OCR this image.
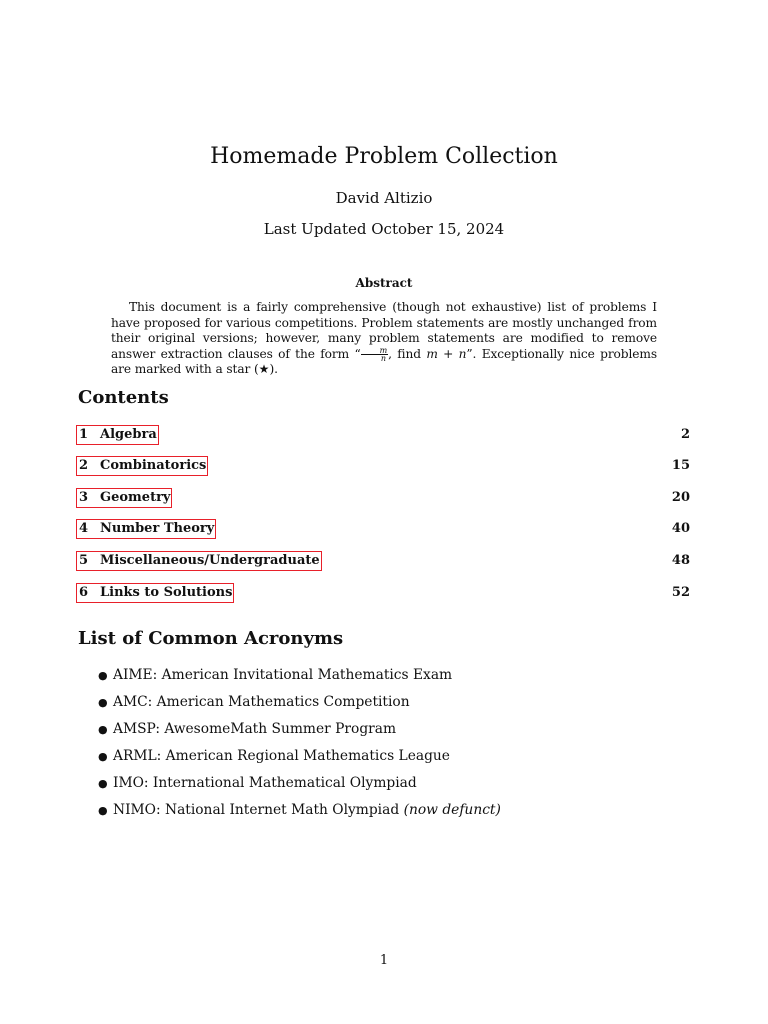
Homemade Problem Collection
David Altizio
Last Updated October 15, 2024
Abstract
This document is a fairly comprehensive (though not exhaustive) list of problems I have proposed for various competitions. Problem statements are mostly unchanged from their original versions; however, many problem statements are modified to remove answer extraction clauses of the form “ $\frac{m}{n}$ , find m + n”. Exceptionally nice problems are marked with a star (★).
Contents
1 Algebra	2
2 Combinatorics	15
3 Geometry	20
4 Number Theory	40
5 Miscellaneous/Undergraduate	48
6 Links to Solutions	52
List of Common Acronyms
● AIME: American Invitational Mathematics Exam
● AMC: American Mathematics Competition
● AMSP: AwesomeMath Summer Program
● ARML: American Regional Mathematics League
● IMO: International Mathematical Olympiad
● NIMO: National Internet Math Olympiad (now defunct)
1
